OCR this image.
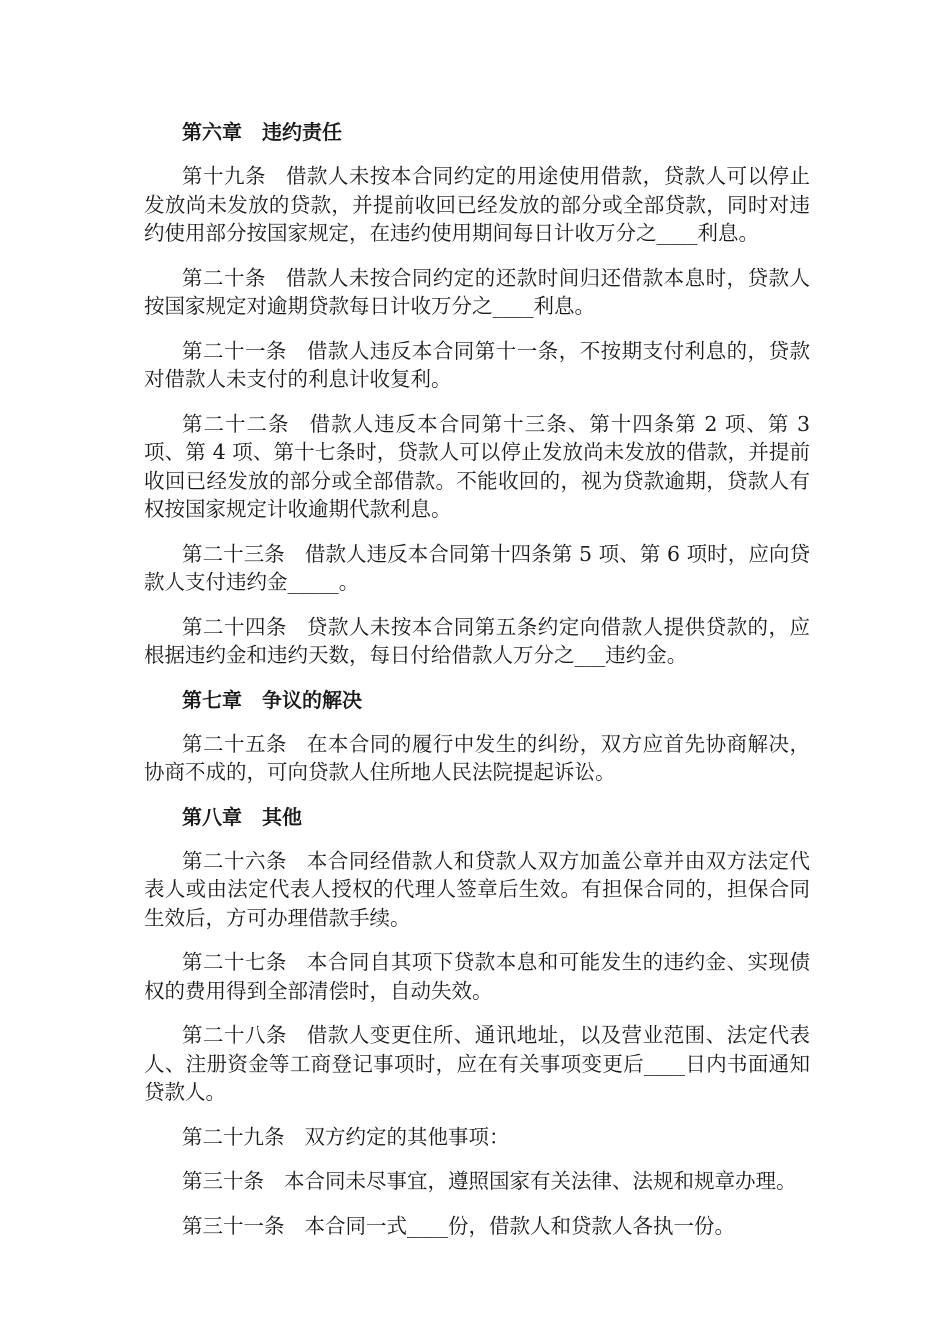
第六章　违约责任

第十九条 借款人未按本合同约定的用途使用借款，贷款人可以停止发放尚未发放的贷款，并提前收回已经发放的部分或全部贷款，同时对违约使用部分按国家规定，在违约使用期间每日计收万分之____利息。

第二十条 借款人未按合同约定的还款时间归还借款本息时，贷款人按国家规定对逾期贷款每日计收万分之____利息。

第二十一条 借款人违反本合同第十一条，不按期支付利息的，贷款对借款人未支付的利息计收复利。

第二十二条 借款人违反本合同第十三条、第十四条第 2 项、第 3 项、第 4 项、第十七条时，贷款人可以停止发放尚未发放的借款，并提前收回已经发放的部分或全部借款。不能收回的，视为贷款逾期，贷款人有权按国家规定计收逾期代款利息。

第二十三条 借款人违反本合同第十四条第 5 项、第 6 项时，应向贷款人支付违约金_____。

第二十四条 贷款人未按本合同第五条约定向借款人提供贷款的，应根据违约金和违约天数，每日付给借款人万分之___违约金。

第七章　争议的解决

第二十五条 在本合同的履行中发生的纠纷，双方应首先协商解决，协商不成的，可向贷款人住所地人民法院提起诉讼。

第八章　其他

第二十六条 本合同经借款人和贷款人双方加盖公章并由双方法定代表人或由法定代表人授权的代理人签章后生效。有担保合同的，担保合同生效后，方可办理借款手续。

第二十七条 本合同自其项下贷款本息和可能发生的违约金、实现债权的费用得到全部清偿时，自动失效。

第二十八条 借款人变更住所、通讯地址，以及营业范围、法定代表人、注册资金等工商登记事项时，应在有关事项变更后____日内书面通知贷款人。

第二十九条 双方约定的其他事项：

第三十条 本合同未尽事宜，遵照国家有关法律、法规和规章办理。

第三十一条 本合同一式____份，借款人和贷款人各执一份。
